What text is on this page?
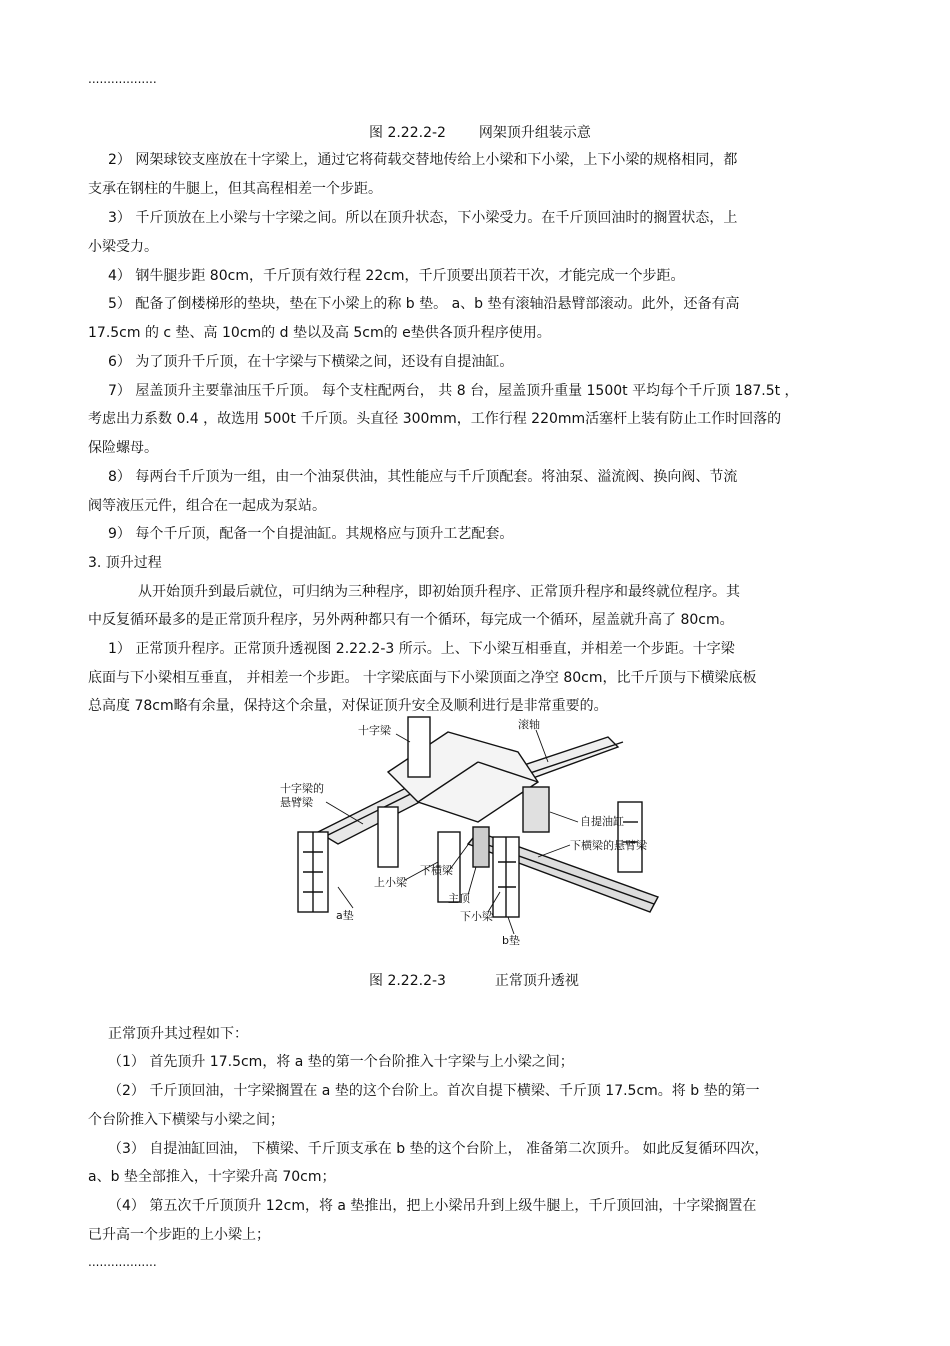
..................
图 2.22.2-2 网架顶升组装示意
2） 网架球铰支座放在十字梁上，通过它将荷载交替地传给上小梁和下小梁，上下小梁的规格相同，都
支承在钢柱的牛腿上，但其高程相差一个步距。
3） 千斤顶放在上小梁与十字梁之间。所以在顶升状态，下小梁受力。在千斤顶回油时的搁置状态，上
小梁受力。
4） 钢牛腿步距 80cm，千斤顶有效行程 22cm，千斤顶要出顶若干次，才能完成一个步距。
5） 配备了倒楼梯形的垫块，垫在下小梁上的称 b 垫。 a、b 垫有滚轴沿悬臂部滚动。此外，还备有高
17.5cm 的 c 垫、高 10cm的 d 垫以及高 5cm的 e垫供各顶升程序使用。
6） 为了顶升千斤顶，在十字梁与下横梁之间，还设有自提油缸。
7） 屋盖顶升主要靠油压千斤顶。 每个支柱配两台， 共 8 台，屋盖顶升重量 1500t 平均每个千斤顶 187.5t ，
考虑出力系数 0.4 ，故选用 500t 千斤顶。头直径 300mm，工作行程 220mm活塞杆上装有防止工作时回落的
保险螺母。
8） 每两台千斤顶为一组，由一个油泵供油，其性能应与千斤顶配套。将油泵、溢流阀、换向阀、节流
阀等液压元件，组合在一起成为泵站。
9） 每个千斤顶，配备一个自提油缸。其规格应与顶升工艺配套。
3. 顶升过程
从开始顶升到最后就位，可归纳为三种程序，即初始顶升程序、正常顶升程序和最终就位程序。其
中反复循环最多的是正常顶升程序，另外两种都只有一个循环，每完成一个循环，屋盖就升高了 80cm。
1） 正常顶升程序。正常顶升透视图 2.22.2-3 所示。上、下小梁互相垂直，并相差一个步距。十字梁
底面与下小梁相互垂直， 并相差一个步距。 十字梁底面与下小梁顶面之净空 80cm，比千斤顶与下横梁底板
总高度 78cm略有余量，保持这个余量，对保证顶升安全及顺利进行是非常重要的。
十字梁	滚轴
十字梁的
悬臂梁
自提油缸
下横梁的悬臂梁
下横梁
上小梁
主顶
下小梁
a垫
b垫
图 2.22.2-3	正常顶升透视
正常顶升其过程如下：
（1） 首先顶升 17.5cm，将 a 垫的第一个台阶推入十字梁与上小梁之间；
（2） 千斤顶回油，十字梁搁置在 a 垫的这个台阶上。首次自提下横梁、千斤顶 17.5cm。将 b 垫的第一
个台阶推入下横梁与小梁之间；
（3） 自提油缸回油， 下横梁、千斤顶支承在 b 垫的这个台阶上， 准备第二次顶升。 如此反复循环四次，
a、b 垫全部推入，十字梁升高 70cm；
（4） 第五次千斤顶顶升 12cm，将 a 垫推出，把上小梁吊升到上级牛腿上，千斤顶回油，十字梁搁置在
已升高一个步距的上小梁上；
..................
